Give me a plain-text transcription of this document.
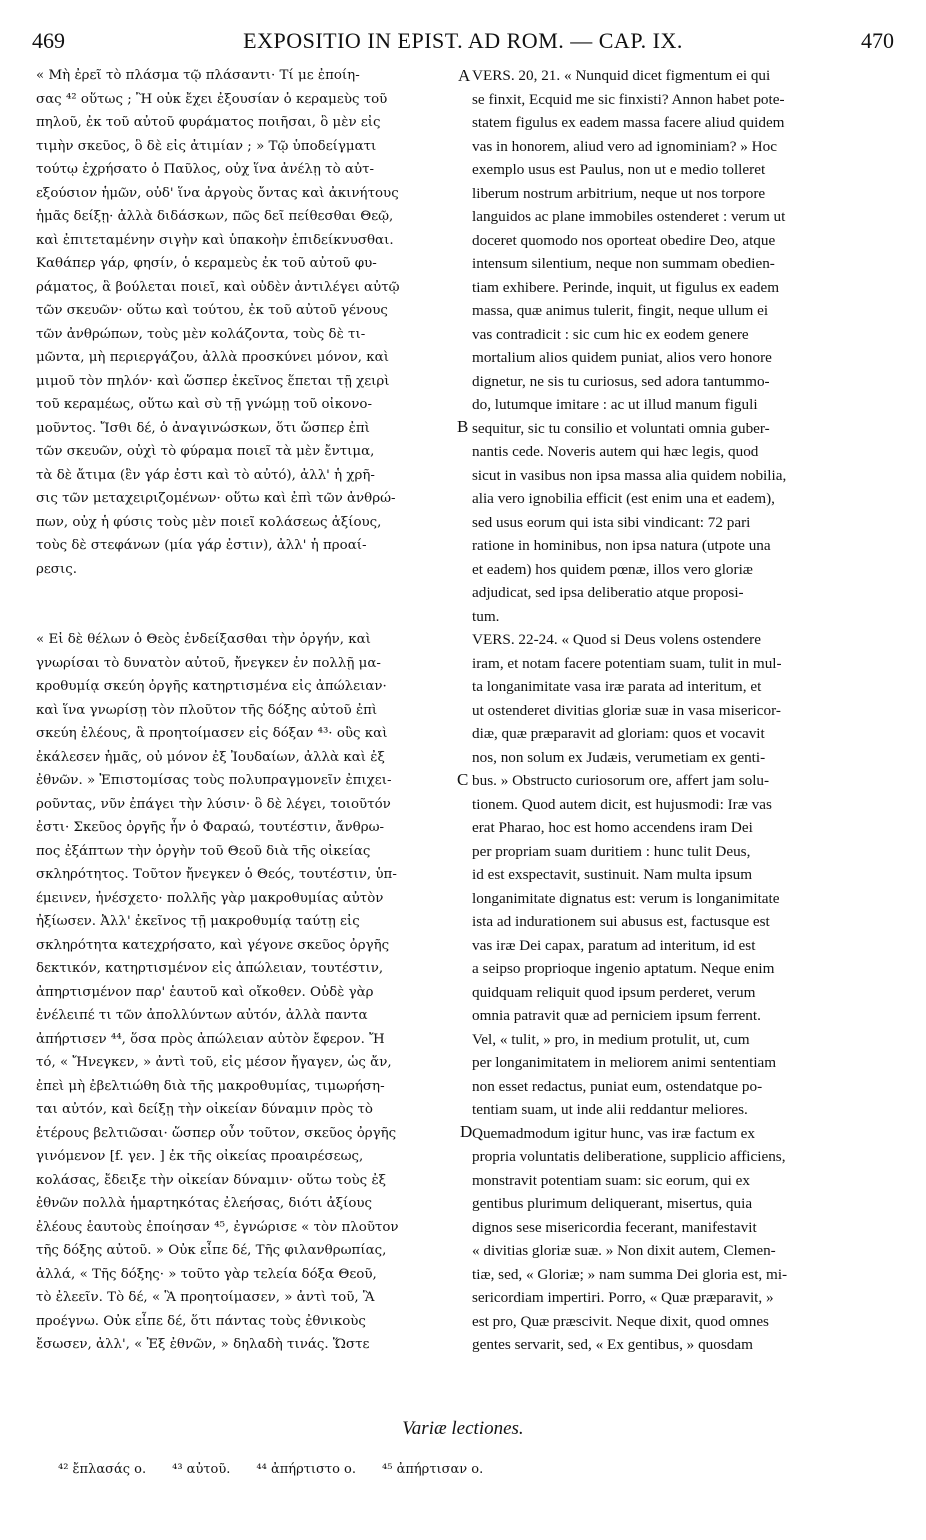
469	EXPOSITIO IN EPIST. AD ROM. — CAP. IX.	470

« Μὴ ἐρεῖ τὸ πλάσμα τῷ πλάσαντι· Τί με ἐποίη-

σας ⁴² οὕτως ; Ἢ οὐκ ἔχει ἐξουσίαν ὁ κεραμεὺς τοῦ

πηλοῦ, ἐκ τοῦ αὐτοῦ φυράματος ποιῆσαι, ὃ μὲν εἰς

τιμὴν σκεῦος, ὃ δὲ εἰς ἀτιμίαν ; » Τῷ ὑποδείγματι

τούτῳ ἐχρήσατο ὁ Παῦλος, οὐχ ἵνα ἀνέλῃ τὸ αὐτ-

εξούσιον ἡμῶν, οὐδ' ἵνα ἀργοὺς ὄντας καὶ ἀκινήτους

ἡμᾶς δείξῃ· ἀλλὰ διδάσκων, πῶς δεῖ πείθεσθαι Θεῷ,

καὶ ἐπιτεταμένην σιγὴν καὶ ὑπακοὴν ἐπιδείκνυσθαι.

Καθάπερ γάρ, φησίν, ὁ κεραμεὺς ἐκ τοῦ αὐτοῦ φυ-

ράματος, ἃ βούλεται ποιεῖ, καὶ οὐδὲν ἀντιλέγει αὐτῷ

τῶν σκευῶν· οὕτω καὶ τούτου, ἐκ τοῦ αὐτοῦ γένους

τῶν ἀνθρώπων, τοὺς μὲν κολάζοντα, τοὺς δὲ τι-

μῶντα, μὴ περιεργάζου, ἀλλὰ προσκύνει μόνον, καὶ

μιμοῦ τὸν πηλόν· καὶ ὥσπερ ἐκεῖνος ἕπεται τῇ χειρὶ

τοῦ κεραμέως, οὕτω καὶ σὺ τῇ γνώμῃ τοῦ οἰκονο-

μοῦντος. Ἴσθι δέ, ὁ ἀναγινώσκων, ὅτι ὥσπερ ἐπὶ

τῶν σκευῶν, οὐχὶ τὸ φύραμα ποιεῖ τὰ μὲν ἔντιμα,

τὰ δὲ ἄτιμα (ἓν γάρ ἐστι καὶ τὸ αὐτό), ἀλλ' ἡ χρῆ-

σις τῶν μεταχειριζομένων· οὕτω καὶ ἐπὶ τῶν ἀνθρώ-

πων, οὐχ ἡ φύσις τοὺς μὲν ποιεῖ κολάσεως ἀξίους,

τοὺς δὲ στεφάνων (μία γάρ ἐστιν), ἀλλ' ἡ προαί-

ρεσις.

« Εἰ δὲ θέλων ὁ Θεὸς ἐνδείξασθαι τὴν ὀργήν, καὶ

γνωρίσαι τὸ δυνατὸν αὐτοῦ, ἤνεγκεν ἐν πολλῇ μα-

κροθυμίᾳ σκεύη ὀργῆς κατηρτισμένα εἰς ἀπώλειαν·

καὶ ἵνα γνωρίσῃ τὸν πλοῦτον τῆς δόξης αὐτοῦ ἐπὶ

σκεύη ἐλέους, ἃ προητοίμασεν εἰς δόξαν ⁴³· οὓς καὶ

ἐκάλεσεν ἡμᾶς, οὐ μόνον ἐξ Ἰουδαίων, ἀλλὰ καὶ ἐξ

ἐθνῶν. » Ἐπιστομίσας τοὺς πολυπραγμονεῖν ἐπιχει-

ροῦντας, νῦν ἐπάγει τὴν λύσιν· ὃ δὲ λέγει, τοιοῦτόν

ἐστι· Σκεῦος ὀργῆς ἦν ὁ Φαραώ, τουτέστιν, ἄνθρω-

πος ἐξάπτων τὴν ὀργὴν τοῦ Θεοῦ διὰ τῆς οἰκείας

σκληρότητος. Τοῦτον ἤνεγκεν ὁ Θεός, τουτέστιν, ὑπ-

έμεινεν, ἠνέσχετο· πολλῆς γὰρ μακροθυμίας αὐτὸν

ἠξίωσεν. Ἀλλ' ἐκεῖνος τῇ μακροθυμίᾳ ταύτῃ εἰς

σκληρότητα κατεχρήσατο, καὶ γέγονε σκεῦος ὀργῆς

δεκτικόν, κατηρτισμένον εἰς ἀπώλειαν, τουτέστιν,

ἀπηρτισμένον παρ' ἑαυτοῦ καὶ οἴκοθεν. Οὐδὲ γὰρ

ἐνέλειπέ τι τῶν ἀπολλύντων αὐτόν, ἀλλὰ παντα

ἀπήρτισεν ⁴⁴, ὅσα πρὸς ἀπώλειαν αὐτὸν ἔφερον. Ἤ

τό, « Ἤνεγκεν, » ἀντὶ τοῦ, εἰς μέσον ἤγαγεν, ὡς ἄν,

ἐπεὶ μὴ ἐβελτιώθη διὰ τῆς μακροθυμίας, τιμωρήση-

ται αὐτόν, καὶ δείξῃ τὴν οἰκείαν δύναμιν πρὸς τὸ

ἑτέρους βελτιῶσαι· ὥσπερ οὖν τοῦτον, σκεῦος ὀργῆς

γινόμενον [f. γεν. ] ἐκ τῆς οἰκείας προαιρέσεως,

κολάσας, ἔδειξε τὴν οἰκείαν δύναμιν· οὕτω τοὺς ἐξ

ἐθνῶν πολλὰ ἡμαρτηκότας ἐλεήσας, διότι ἀξίους

ἐλέους ἑαυτοὺς ἐποίησαν ⁴⁵, ἐγνώρισε « τὸν πλοῦτον

τῆς δόξης αὐτοῦ. » Οὐκ εἶπε δέ, Τῆς φιλανθρωπίας,

ἀλλά, « Τῆς δόξης· » τοῦτο γὰρ τελεία δόξα Θεοῦ,

τὸ ἐλεεῖν. Τὸ δέ, « Ἃ προητοίμασεν, » ἀντὶ τοῦ, Ἃ

προέγνω. Οὐκ εἶπε δέ, ὅτι πάντας τοὺς ἐθνικοὺς

ἔσωσεν, ἀλλ', « Ἐξ ἐθνῶν, » δηλαδὴ τινάς. Ὥστε

VERS. 20, 21. « Nunquid dicet figmentum ei qui

se finxit, Ecquid me sic finxisti? Annon habet pote-

statem figulus ex eadem massa facere aliud quidem

vas in honorem, aliud vero ad ignominiam? » Hoc

exemplo usus est Paulus, non ut e medio tolleret

liberum nostrum arbitrium, neque ut nos torpore

languidos ac plane immobiles ostenderet : verum ut

doceret quomodo nos oporteat obedire Deo, atque

intensum silentium, neque non summam obedien-

tiam exhibere. Perinde, inquit, ut figulus ex eadem

massa, quæ animus tulerit, fingit, neque ullum ei

vas contradicit : sic cum hic ex eodem genere

mortalium alios quidem puniat, alios vero honore

dignetur, ne sis tu curiosus, sed adora tantummo-

do, lutumque imitare : ac ut illud manum figuli

sequitur, sic tu consilio et voluntati omnia guber-

nantis cede. Noveris autem qui hæc legis, quod

sicut in vasibus non ipsa massa alia quidem nobilia,

alia vero ignobilia efficit (est enim una et eadem),

sed usus eorum qui ista sibi vindicant: 72 pari

ratione in hominibus, non ipsa natura (utpote una

et eadem) hos quidem pœnæ, illos vero gloriæ

adjudicat, sed ipsa deliberatio atque proposi-

tum.

VERS. 22-24. « Quod si Deus volens ostendere

iram, et notam facere potentiam suam, tulit in mul-

ta longanimitate vasa iræ parata ad interitum, et

ut ostenderet divitias gloriæ suæ in vasa misericor-

diæ, quæ præparavit ad gloriam: quos et vocavit

nos, non solum ex Judæis, verumetiam ex genti-

bus. » Obstructo curiosorum ore, affert jam solu-

tionem. Quod autem dicit, est hujusmodi: Iræ vas

erat Pharao, hoc est homo accendens iram Dei

per propriam suam duritiem : hunc tulit Deus,

id est exspectavit, sustinuit. Nam multa ipsum

longanimitate dignatus est: verum is longanimitate

ista ad indurationem sui abusus est, factusque est

vas iræ Dei capax, paratum ad interitum, id est

a seipso proprioque ingenio aptatum. Neque enim

quidquam reliquit quod ipsum perderet, verum

omnia patravit quæ ad perniciem ipsum ferrent.

Vel, « tulit, » pro, in medium protulit, ut, cum

per longanimitatem in meliorem animi sententiam

non esset redactus, puniat eum, ostendatque po-

tentiam suam, ut inde alii reddantur meliores.

Quemadmodum igitur hunc, vas iræ factum ex

propria voluntatis deliberatione, supplicio afficiens,

monstravit potentiam suam: sic eorum, qui ex

gentibus plurimum deliquerant, misertus, quia

dignos sese misericordia fecerant, manifestavit

« divitias gloriæ suæ. » Non dixit autem, Clemen-

tiæ, sed, « Gloriæ; » nam summa Dei gloria est, mi-

sericordiam impertiri. Porro, « Quæ præparavit, »

est pro, Quæ præscivit. Neque dixit, quod omnes

gentes servarit, sed, « Ex gentibus, » quosdam

A
B
C
D
Variæ lectiones.
⁴² ἔπλασάς ο. ⁴³ αὐτοῦ. ⁴⁴ ἀπήρτιστο ο. ⁴⁵ ἀπήρτισαν ο.
